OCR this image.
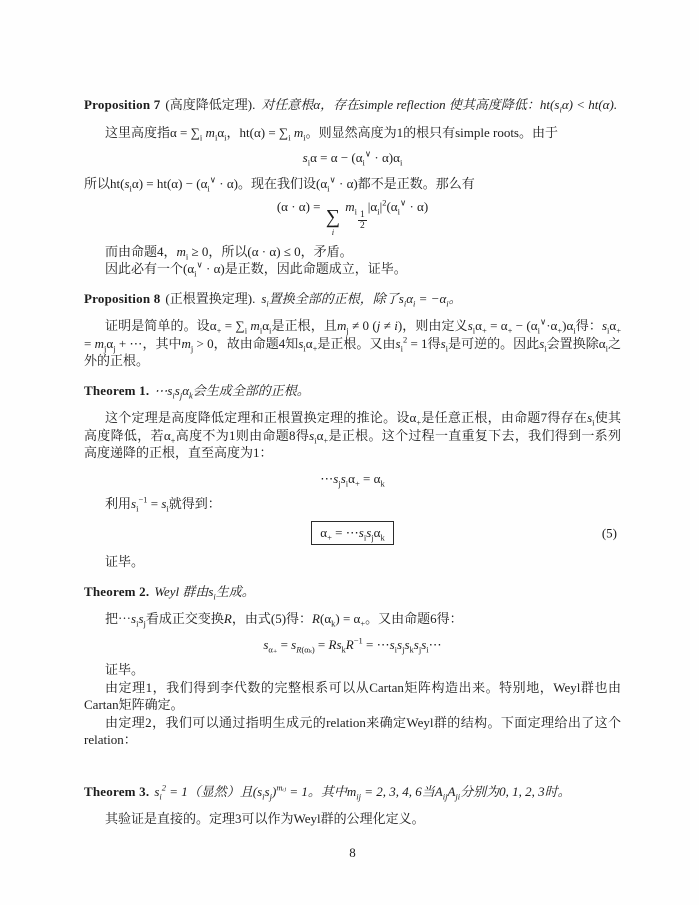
Proposition 7 (高度降低定理). 对任意根α，存在simple reflection 使其高度降低：$ht(s_i\alpha) < ht(\alpha)$.

这里高度指$\alpha = \sum_i$ $m_i\alpha_i$，$ht(\alpha) = \sum_i$ $m_i$。则显然高度为1的根只有simple roots。由于

$s_i\alpha = \alpha - (\alpha_i^\vee \cdot \alpha)\alpha_i$

所以$ht(s_i\alpha) = ht(\alpha) - (\alpha_i^\vee \cdot \alpha)$。现在我们设$(\alpha_i^\vee \cdot \alpha)$都不是正数。那么有

(α · α) = ∑
i
$m_i \frac{1}{2}$
$|\alpha_i|^2(\alpha_i^\vee \cdot \alpha)$

而由命题4，$m_i \ge 0$，所以(α · α) ≤ 0，矛盾。

因此必有一个$(\alpha_i^\vee \cdot \alpha)$是正数，因此命题成立，证毕。

Proposition 8 (正根置换定理). $s_i$置换全部的正根，除了$s_i\alpha_i = -\alpha_i$。

证明是简单的。设$\alpha_+ = \sum_i$ $m_i\alpha_i$是正根，且$m_j \ne 0$ (j ≠ i)，则由定义$s_i\alpha_+ = \alpha_+ - (\alpha_i^\vee\cdot\alpha_+)\alpha_i$得：$s_i\alpha_+ = m_j\alpha_j$ + ⋯，其中$m_j > 0$，故由命题4知$s_i\alpha_+$是正根。又由$s_i^2 = 1$得$s_i$是可逆的。因此$s_i$会置换除$\alpha_i$之外的正根。

Theorem 1. $\cdots s_is_j\alpha_k$会生成全部的正根。

这个定理是高度降低定理和正根置换定理的推论。设$\alpha_+$是任意正根，由命题7得存在$s_i$使其高度降低，若$\alpha_+$高度不为1则由命题8得$s_i\alpha_+$是正根。这个过程一直重复下去，我们得到一系列高度递降的正根，直至高度为1：

$\cdots s_js_i\alpha_+ = \alpha_k$

利用$s_i^{-1} = s_i$就得到：

$\alpha_+$ = $\cdots s_is_j\alpha_k$	(5)

证毕。

Theorem 2. Weyl 群由$s_i$生成。

把$\cdots s_is_j$看成正交变换R，由式(5)得：$R(\alpha_k) = \alpha_+$。又由命题6得：

$s_{\alpha_+} = s_{R(\alpha_k)} = Rs_kR^{-1}$ = $\cdots s_is_js_ks_js_i\cdots$

证毕。

由定理1，我们得到李代数的完整根系可以从Cartan矩阵构造出来。特别地，Weyl群也由Cartan矩阵确定。

由定理2，我们可以通过指明生成元的relation来确定Weyl群的结构。下面定理给出了这个relation：

Theorem 3. $s_i^2 = 1$（显然）且$(s_is_j)^{mᵢⱼ} = 1$。其中$m_{ij} = 2$, 3, 4, 6当$A_{ij}A_{ji}$分别为0, 1, 2, 3时。

其验证是直接的。定理3可以作为Weyl群的公理化定义。

8
